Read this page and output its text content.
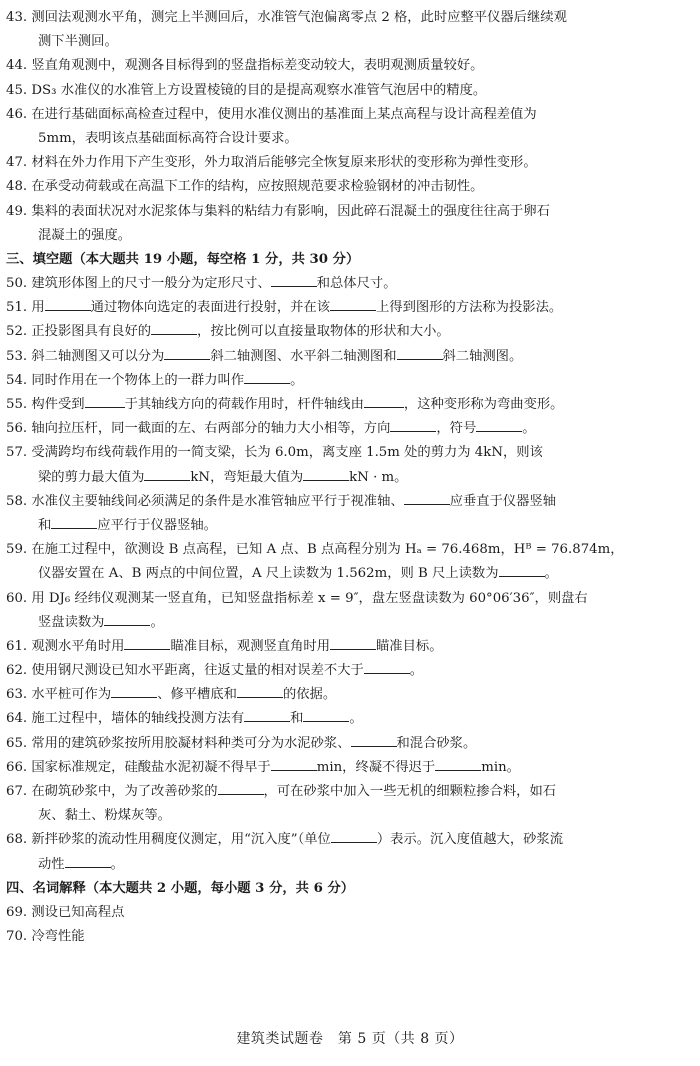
43. 测回法观测水平角，测完上半测回后，水准管气泡偏离零点 2 格，此时应整平仪器后继续观
测下半测回。
44. 竖直角观测中，观测各目标得到的竖盘指标差变动较大，表明观测质量较好。
45. DS₃ 水准仪的水准管上方设置棱镜的目的是提高观察水准管气泡居中的精度。
46. 在进行基础面标高检查过程中，使用水准仪测出的基准面上某点高程与设计高程差值为
5mm，表明该点基础面标高符合设计要求。
47. 材料在外力作用下产生变形，外力取消后能够完全恢复原来形状的变形称为弹性变形。
48. 在承受动荷载或在高温下工作的结构，应按照规范要求检验钢材的冲击韧性。
49. 集料的表面状况对水泥浆体与集料的粘结力有影响，因此碎石混凝土的强度往往高于卵石
混凝土的强度。
三、填空题（本大题共 19 小题，每空格 1 分，共 30 分）
50. 建筑形体图上的尺寸一般分为定形尺寸、	和总体尺寸。
51. 用	通过物体向选定的表面进行投射，并在该	上得到图形的方法称为投影法。
52. 正投影图具有良好的	，按比例可以直接量取物体的形状和大小。
53. 斜二轴测图又可以分为	斜二轴测图、水平斜二轴测图和	斜二轴测图。
54. 同时作用在一个物体上的一群力叫作	。
55. 构件受到	于其轴线方向的荷载作用时，杆件轴线由	，这种变形称为弯曲变形。
56. 轴向拉压杆，同一截面的左、右两部分的轴力大小相等，方向	，符号	。
57. 受满跨均布线荷载作用的一简支梁，长为 6.0m，离支座 1.5m 处的剪力为 4kN，则该
梁的剪力最大值为	kN，弯矩最大值为	kN · m。
58. 水准仪主要轴线间必须满足的条件是水准管轴应平行于视准轴、	应垂直于仪器竖轴
和	应平行于仪器竖轴。
59. 在施工过程中，欲测设 B 点高程，已知 A 点、B 点高程分别为 Hₐ = 76.468m，Hᴮ = 76.874m，
仪器安置在 A、B 两点的中间位置，A 尺上读数为 1.562m，则 B 尺上读数为	。
60. 用 DJ₆ 经纬仪观测某一竖直角，已知竖盘指标差 x = 9″，盘左竖盘读数为 60°06′36″，则盘右
竖盘读数为	。
61. 观测水平角时用	瞄准目标，观测竖直角时用	瞄准目标。
62. 使用钢尺测设已知水平距离，往返丈量的相对误差不大于	。
63. 水平桩可作为	、修平槽底和	的依据。
64. 施工过程中，墙体的轴线投测方法有	和	。
65. 常用的建筑砂浆按所用胶凝材料种类可分为水泥砂浆、	和混合砂浆。
66. 国家标准规定，硅酸盐水泥初凝不得早于	min，终凝不得迟于	min。
67. 在砌筑砂浆中，为了改善砂浆的	，可在砂浆中加入一些无机的细颗粒掺合料，如石
灰、黏土、粉煤灰等。
68. 新拌砂浆的流动性用稠度仪测定，用“沉入度”（单位	）表示。沉入度值越大，砂浆流
动性	。
四、名词解释（本大题共 2 小题，每小题 3 分，共 6 分）
69. 测设已知高程点
70. 冷弯性能
建筑类试题卷　第 5 页（共 8 页）
